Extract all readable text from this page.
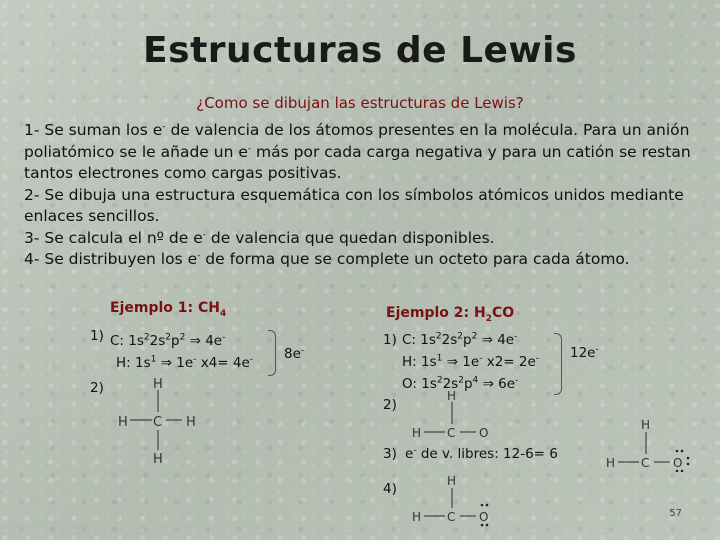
Estructuras de Lewis
¿Como se dibujan las estructuras de Lewis?

1- Se suman los e- de valencia de los átomos presentes en la molécula. Para un anión poliatómico se le añade un e- más por cada carga negativa y para un catión se restan tantos electrones como cargas positivas.

2- Se dibuja una estructura esquemática con los símbolos atómicos unidos mediante enlaces sencillos.

3- Se calcula el nº de e- de valencia que quedan disponibles.

4- Se distribuyen los e- de forma que se complete un octeto para cada átomo.

Ejemplo 1: $CH_4$
1) C: $1s^22s^2p^2$ ⇒ 4e-
H: $1s^1$ ⇒ 1e- x4= 4e- 8e-
2)	H
C
H
H	H
Ejemplo 2: $H_2CO$
1) C: $1s^22s^2p^2$ ⇒ 4e-
H: $1s^1$ ⇒ 1e- x2= 2e-
O: $1s^22s^2p^4$ ⇒ 6e-
12e-
2)
H
C
H	O
3) e- de v. libres: 12-6= 6
H
C
H	O
4)	H
C
H	O	57
